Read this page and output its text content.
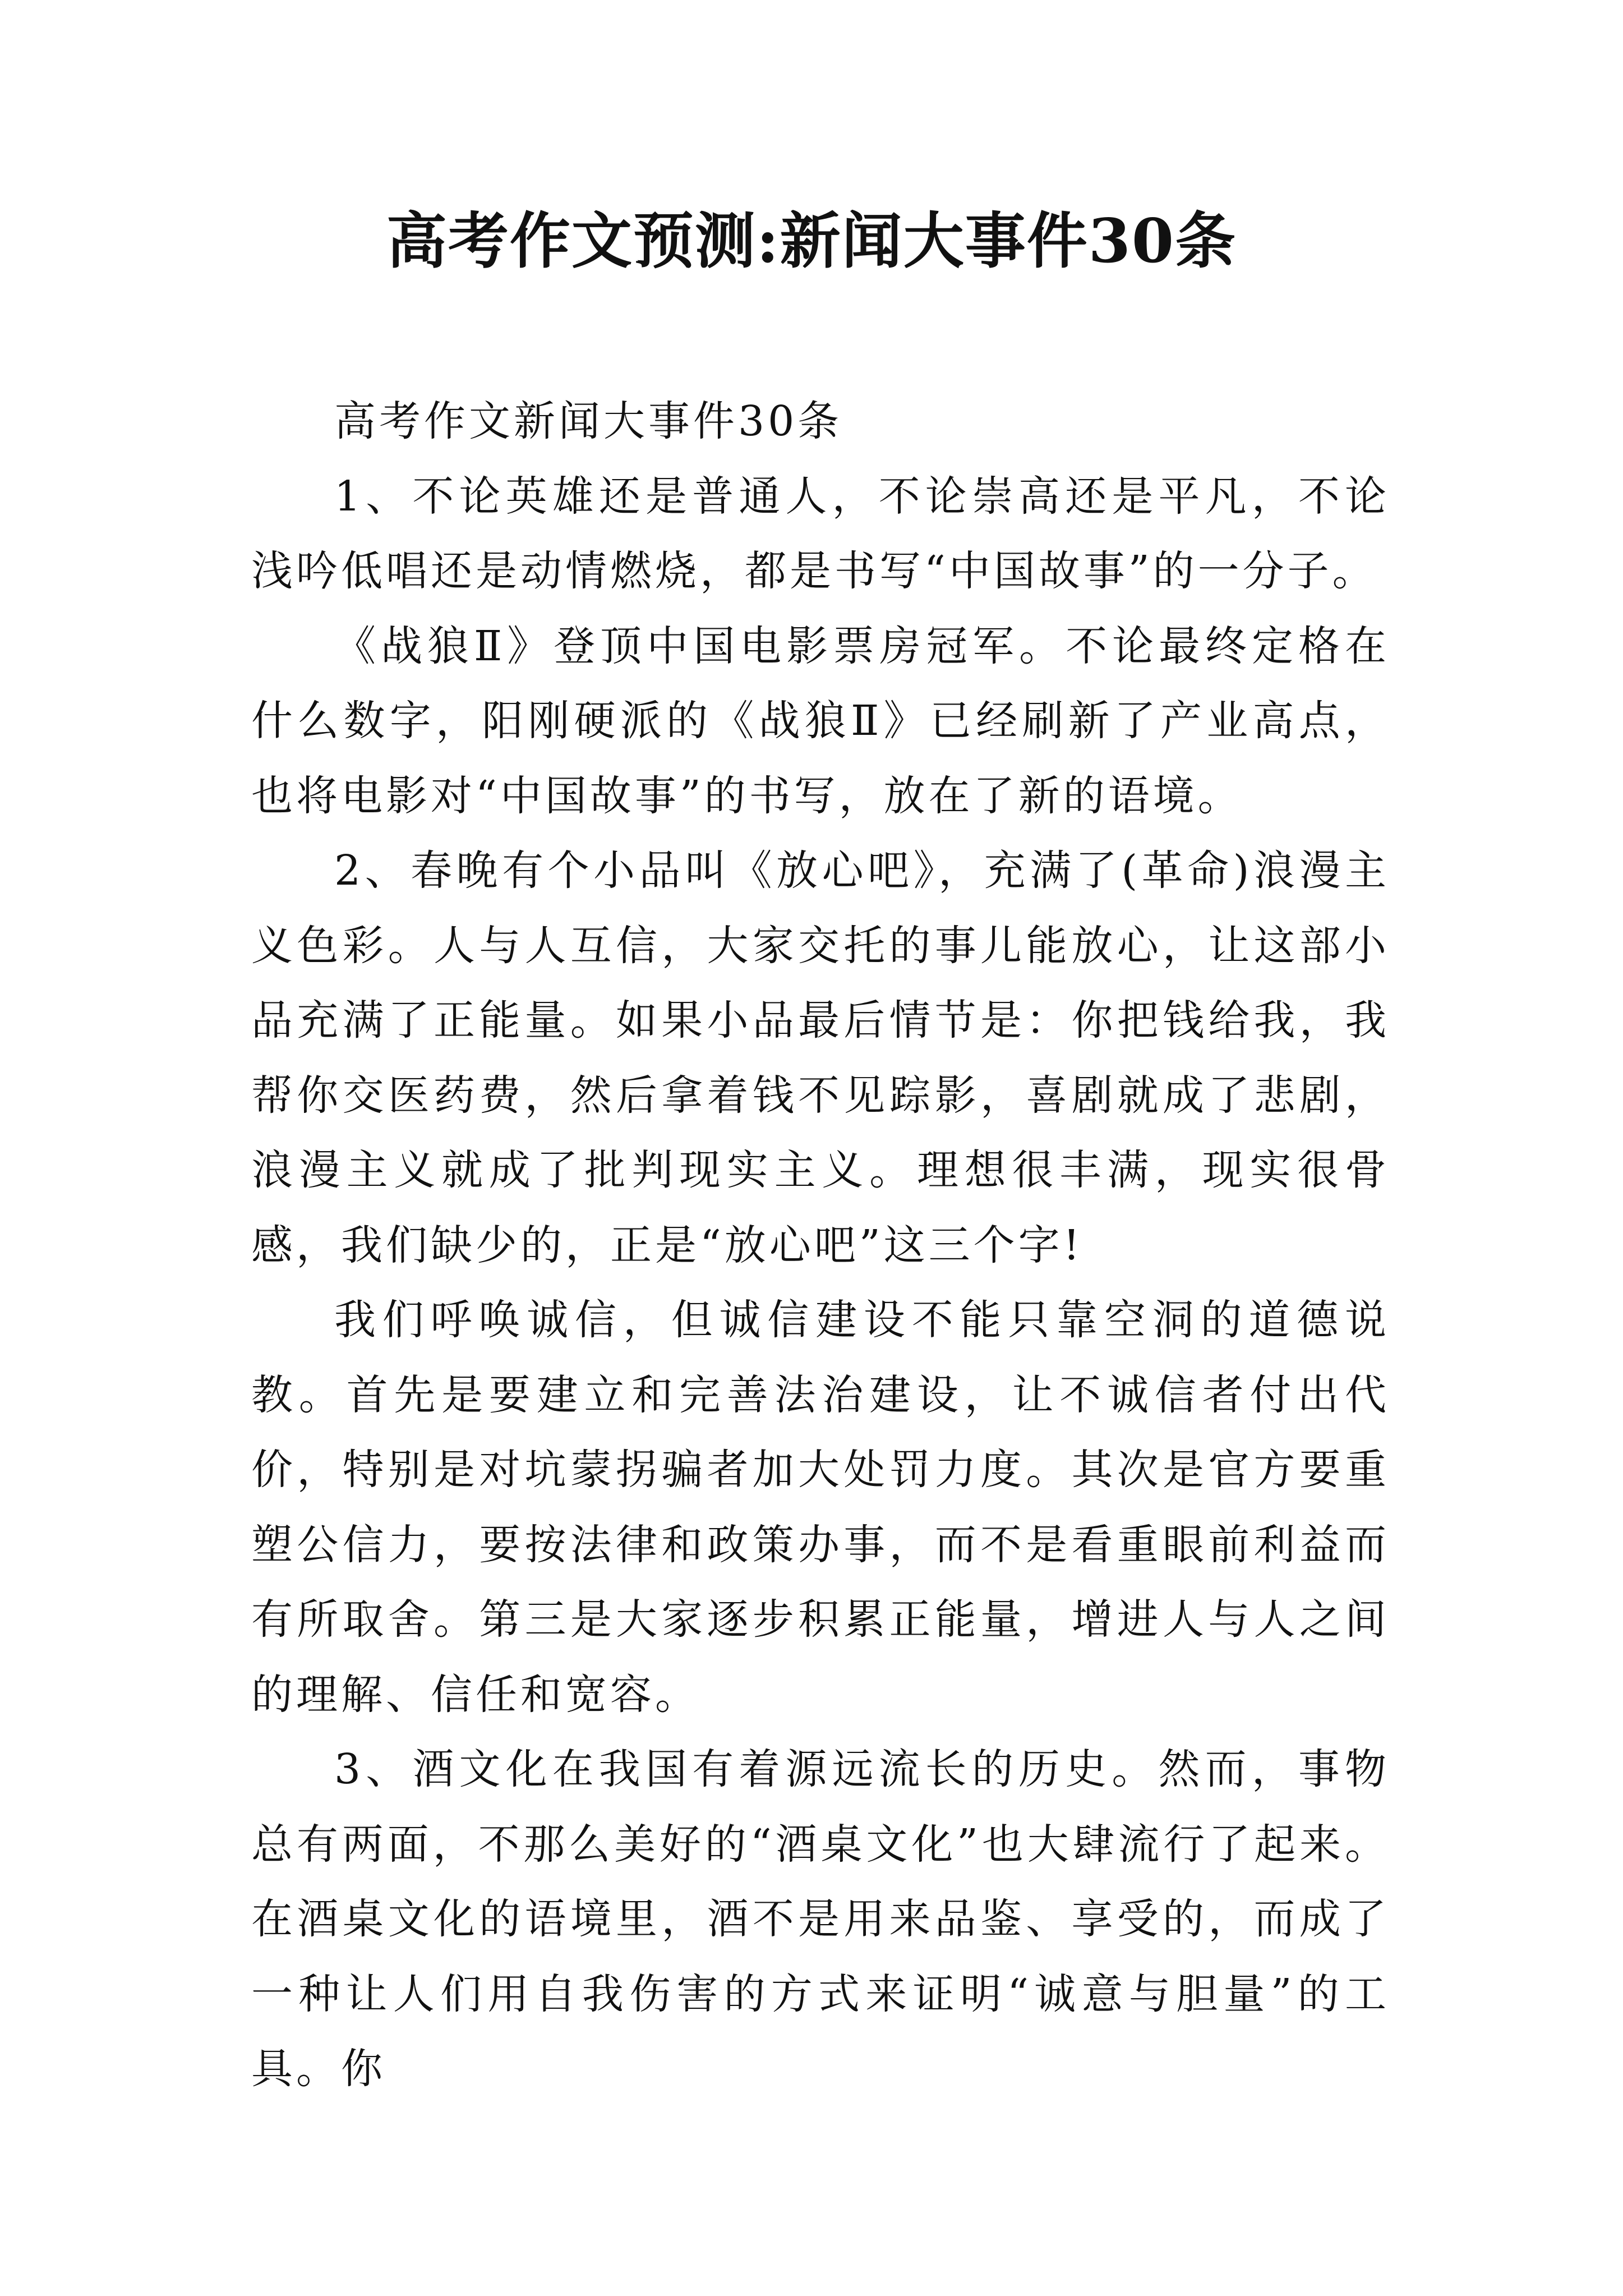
高考作文预测:新闻大事件30条

高考作文新闻大事件30条

1、不论英雄还是普通人，不论崇高还是平凡，不论浅吟低唱还是动情燃烧，都是书写“中国故事”的一分子。

《战狼Ⅱ》登顶中国电影票房冠军。不论最终定格在什么数字，阳刚硬派的《战狼Ⅱ》已经刷新了产业高点，也将电影对“中国故事”的书写，放在了新的语境。

2、春晚有个小品叫《放心吧》，充满了(革命)浪漫主义色彩。人与人互信，大家交托的事儿能放心，让这部小品充满了正能量。如果小品最后情节是：你把钱给我，我帮你交医药费，然后拿着钱不见踪影，喜剧就成了悲剧，浪漫主义就成了批判现实主义。理想很丰满，现实很骨感，我们缺少的，正是“放心吧”这三个字!

我们呼唤诚信，但诚信建设不能只靠空洞的道德说教。首先是要建立和完善法治建设，让不诚信者付出代价，特别是对坑蒙拐骗者加大处罚力度。其次是官方要重塑公信力，要按法律和政策办事，而不是看重眼前利益而有所取舍。第三是大家逐步积累正能量，增进人与人之间的理解、信任和宽容。

3、酒文化在我国有着源远流长的历史。然而，事物总有两面，不那么美好的“酒桌文化”也大肆流行了起来。在酒桌文化的语境里，酒不是用来品鉴、享受的，而成了一种让人们用自我伤害的方式来证明“诚意与胆量”的工具。你
